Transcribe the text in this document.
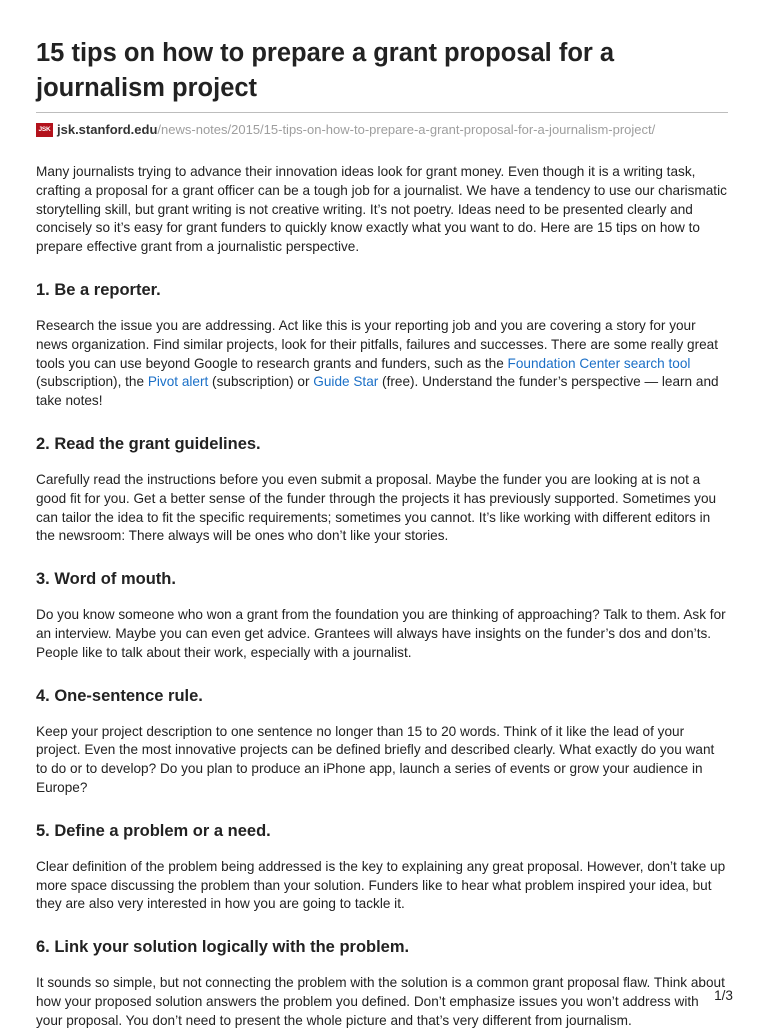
15 tips on how to prepare a grant proposal for a journalism project
JSK jsk.stanford.edu /news-notes/2015/15-tips-on-how-to-prepare-a-grant-proposal-for-a-journalism-project/

Many journalists trying to advance their innovation ideas look for grant money. Even though it is a writing task, crafting a proposal for a grant officer can be a tough job for a journalist. We have a tendency to use our charismatic storytelling skill, but grant writing is not creative writing. It’s not poetry. Ideas need to be presented clearly and concisely so it’s easy for grant funders to quickly know exactly what you want to do. Here are 15 tips on how to prepare effective grant from a journalistic perspective.

1. Be a reporter.

Research the issue you are addressing. Act like this is your reporting job and you are covering a story for your news organization. Find similar projects, look for their pitfalls, failures and successes. There are some really great tools you can use beyond Google to research grants and funders, such as the Foundation Center search tool (subscription), the Pivot alert (subscription) or Guide Star (free). Understand the funder’s perspective — learn and take notes!

2. Read the grant guidelines.

Carefully read the instructions before you even submit a proposal. Maybe the funder you are looking at is not a good fit for you. Get a better sense of the funder through the projects it has previously supported. Sometimes you can tailor the idea to fit the specific requirements; sometimes you cannot. It’s like working with different editors in the newsroom: There always will be ones who don’t like your stories.

3. Word of mouth.

Do you know someone who won a grant from the foundation you are thinking of approaching? Talk to them. Ask for an interview. Maybe you can even get advice. Grantees will always have insights on the funder’s dos and don’ts. People like to talk about their work, especially with a journalist.

4. One-sentence rule.

Keep your project description to one sentence no longer than 15 to 20 words. Think of it like the lead of your project. Even the most innovative projects can be defined briefly and described clearly. What exactly do you want to do or to develop? Do you plan to produce an iPhone app, launch a series of events or grow your audience in Europe?

5. Define a problem or a need.

Clear definition of the problem being addressed is the key to explaining any great proposal. However, don’t take up more space discussing the problem than your solution. Funders like to hear what problem inspired your idea, but they are also very interested in how you are going to tackle it.

6. Link your solution logically with the problem.

It sounds so simple, but not connecting the problem with the solution is a common grant proposal flaw. Think about how your proposed solution answers the problem you defined. Don’t emphasize issues you won’t address with your proposal. You don’t need to present the whole picture and that’s very different from journalism.

1/3
